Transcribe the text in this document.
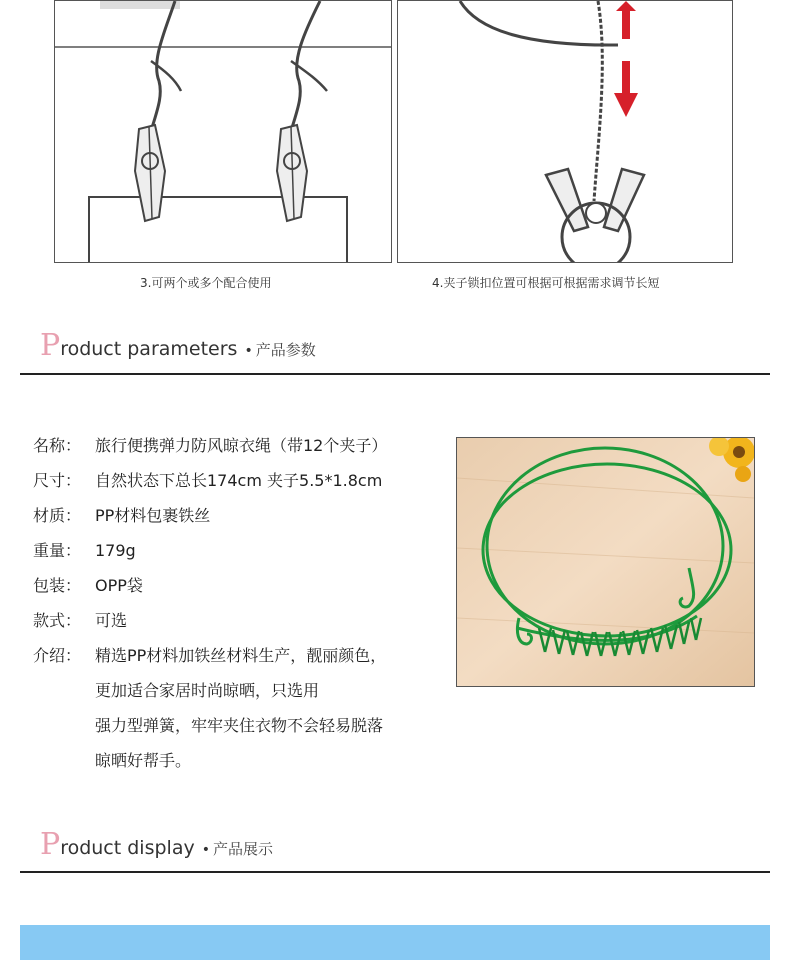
3.可两个或多个配合使用	4.夹子锁扣位置可根据可根据需求调节长短
Product parameters • 产品参数
名称： 旅行便携弹力防风晾衣绳（带12个夹子）
尺寸： 自然状态下总长174cm 夹子5.5*1.8cm
材质： PP材料包裹铁丝
重量： 179g
包装： OPP袋
款式： 可选
介绍： 精选PP材料加铁丝材料生产，靓丽颜色，
更加适合家居时尚晾晒，只选用
强力型弹簧，牢牢夹住衣物不会轻易脱落
晾晒好帮手。
Product display • 产品展示
